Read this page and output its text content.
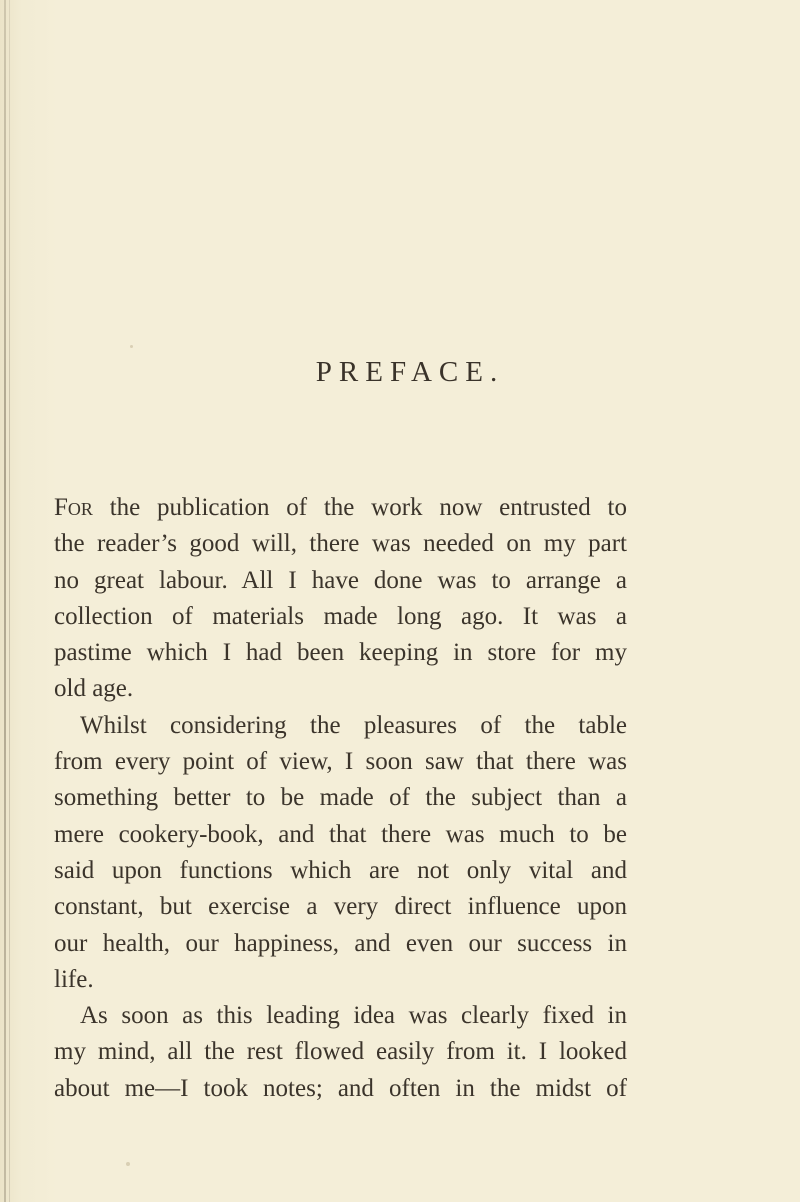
PREFACE.
For the publication of the work now entrusted to
the reader’s good will, there was needed on my part
no great labour. All I have done was to arrange a
collection of materials made long ago. It was a
pastime which I had been keeping in store for my
old age.
Whilst considering the pleasures of the table
from every point of view, I soon saw that there was
something better to be made of the subject than a
mere cookery-book, and that there was much to be
said upon functions which are not only vital and
constant, but exercise a very direct influence upon
our health, our happiness, and even our success in
life.
As soon as this leading idea was clearly fixed in
my mind, all the rest flowed easily from it. I looked
about me—I took notes; and often in the midst of
